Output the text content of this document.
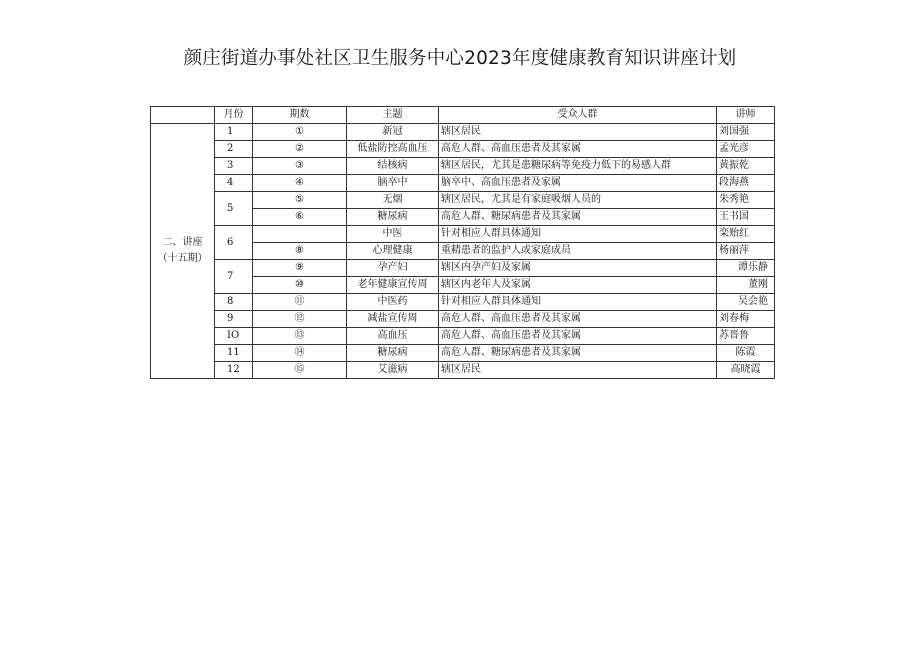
颜庄街道办事处社区卫生服务中心2023年度健康教育知识讲座计划
	月份	期数	主题	受众人群	讲师

二、讲座
（十五期）	1	①	新冠	辖区居民	刘国强
	2	②	低盐防控高血压	高危人群、高血压患者及其家属	孟光彦
	3	③	结核病	辖区居民，尤其是患糖尿病等免疫力低下的易感人群	黄振乾
	4	④	脑卒中	脑卒中、高血压患者及家属	段海燕
	5	⑤	无烟	辖区居民，尤其是有家庭吸烟人员的	朱秀艳
		⑥	糖尿病	高危人群、糖尿病患者及其家属	王书国
	6		中医	针对相应人群具体通知	栾贻红
		⑧	心理健康	重精患者的监护人或家庭成员	杨丽萍
	7	⑨	孕产妇	辖区内孕产妇及家属	谭乐静
		⑩	老年健康宣传周	辖区内老年人及家属	董刚
	8	⑪	中医药	针对相应人群具体通知	吴会艳
	9	⑫	减盐宣传周	高危人群、高血压患者及其家属	刘春梅
	IO	⑬	高血压	高危人群、高血压患者及其家属	苏晋鲁
	11	⑭	糖尿病	高危人群、糖尿病患者及其家属	陈霞
	12	⑮	艾滋病	辖区居民	高晓霞
